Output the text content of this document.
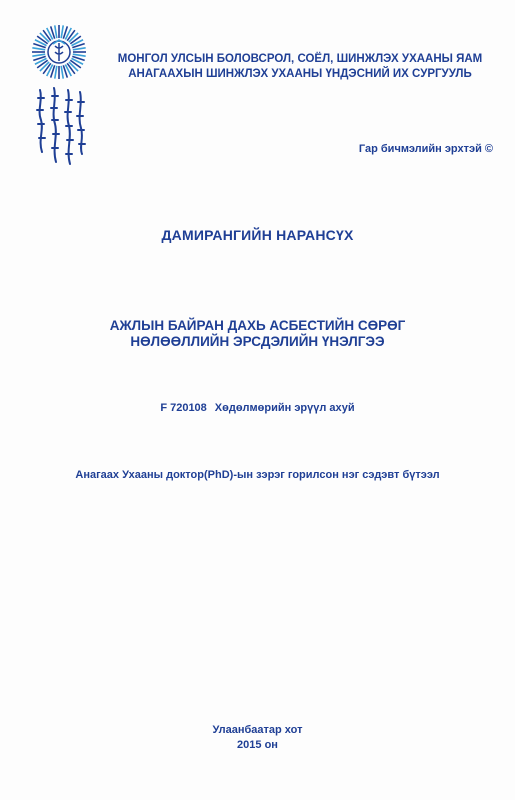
МОНГОЛ УЛСЫН БОЛОВСРОЛ, СОЁЛ, ШИНЖЛЭХ УХААНЫ ЯАМ
АНАГААХЫН ШИНЖЛЭХ УХААНЫ ҮНДЭСНИЙ ИХ СУРГУУЛЬ
Гар бичмэлийн эрхтэй ©
ДАМИРАНГИЙН НАРАНСҮХ
АЖЛЫН БАЙРАН ДАХЬ АСБЕСТИЙН СӨРӨГ
НӨЛӨӨЛЛИЙН ЭРСДЭЛИЙН ҮНЭЛГЭЭ
F 720108 Хөдөлмөрийн эрүүл ахуй
Анагаах Ухааны доктор(PhD)-ын зэрэг горилсон нэг сэдэвт бүтээл
Улаанбаатар хот
2015 он
